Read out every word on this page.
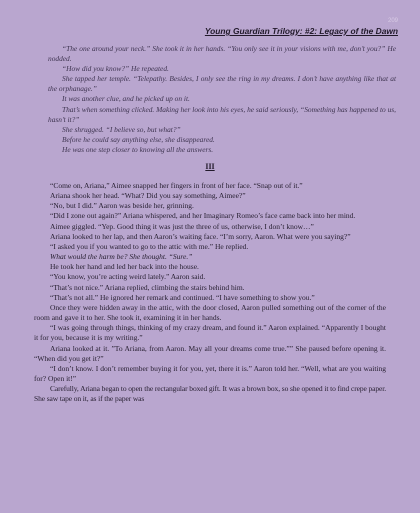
209
Young Guardian Trilogy: #2: Legacy of the Dawn

“The one around your neck.” She took it in her hands. “You only see it in your visions with me, don’t you?” He nodded.

“How did you know?” He repeated.

She tapped her temple. “Telepathy. Besides, I only see the ring in my dreams. I don’t have anything like that at the orphanage.”

It was another clue, and he picked up on it.

That’s when something clicked. Making her look into his eyes, he said seriously, “Something has happened to us, hasn’t it?”

She shrugged. “I believe so, but what?”

Before he could say anything else, she disappeared.

He was one step closer to knowing all the answers.

III

“Come on, Ariana,” Aimee snapped her fingers in front of her face. “Snap out of it.”

Ariana shook her head. “What? Did you say something, Aimee?”

“No, but I did.” Aaron was beside her, grinning.

“Did I zone out again?” Ariana whispered, and her Imaginary Romeo’s face came back into her mind.

Aimee giggled. “Yep. Good thing it was just the three of us, otherwise, I don’t know…”

Ariana looked to her lap, and then Aaron’s waiting face. “I’m sorry, Aaron. What were you saying?”

“I asked you if you wanted to go to the attic with me.” He replied.

What would the harm be? She thought. “Sure.”

He took her hand and led her back into the house.

“You know, you’re acting weird lately.” Aaron said.

“That’s not nice.” Ariana replied, climbing the stairs behind him.

“That’s not all.” He ignored her remark and continued. “I have something to show you.”

Once they were hidden away in the attic, with the door closed, Aaron pulled something out of the corner of the room and gave it to her. She took it, examining it in her hands.

“I was going through things, thinking of my crazy dream, and found it.” Aaron explained. “Apparently I bought it for you, because it is my writing.”

Ariana looked at it. ”To Ariana, from Aaron. May all your dreams come true.”” She paused before opening it. “When did you get it?”

“I don’t know. I don’t remember buying it for you, yet, there it is.” Aaron told her. “Well, what are you waiting for? Open it!”

Carefully, Ariana began to open the rectangular boxed gift. It was a brown box, so she opened it to find crepe paper. She saw tape on it, as if the paper was
